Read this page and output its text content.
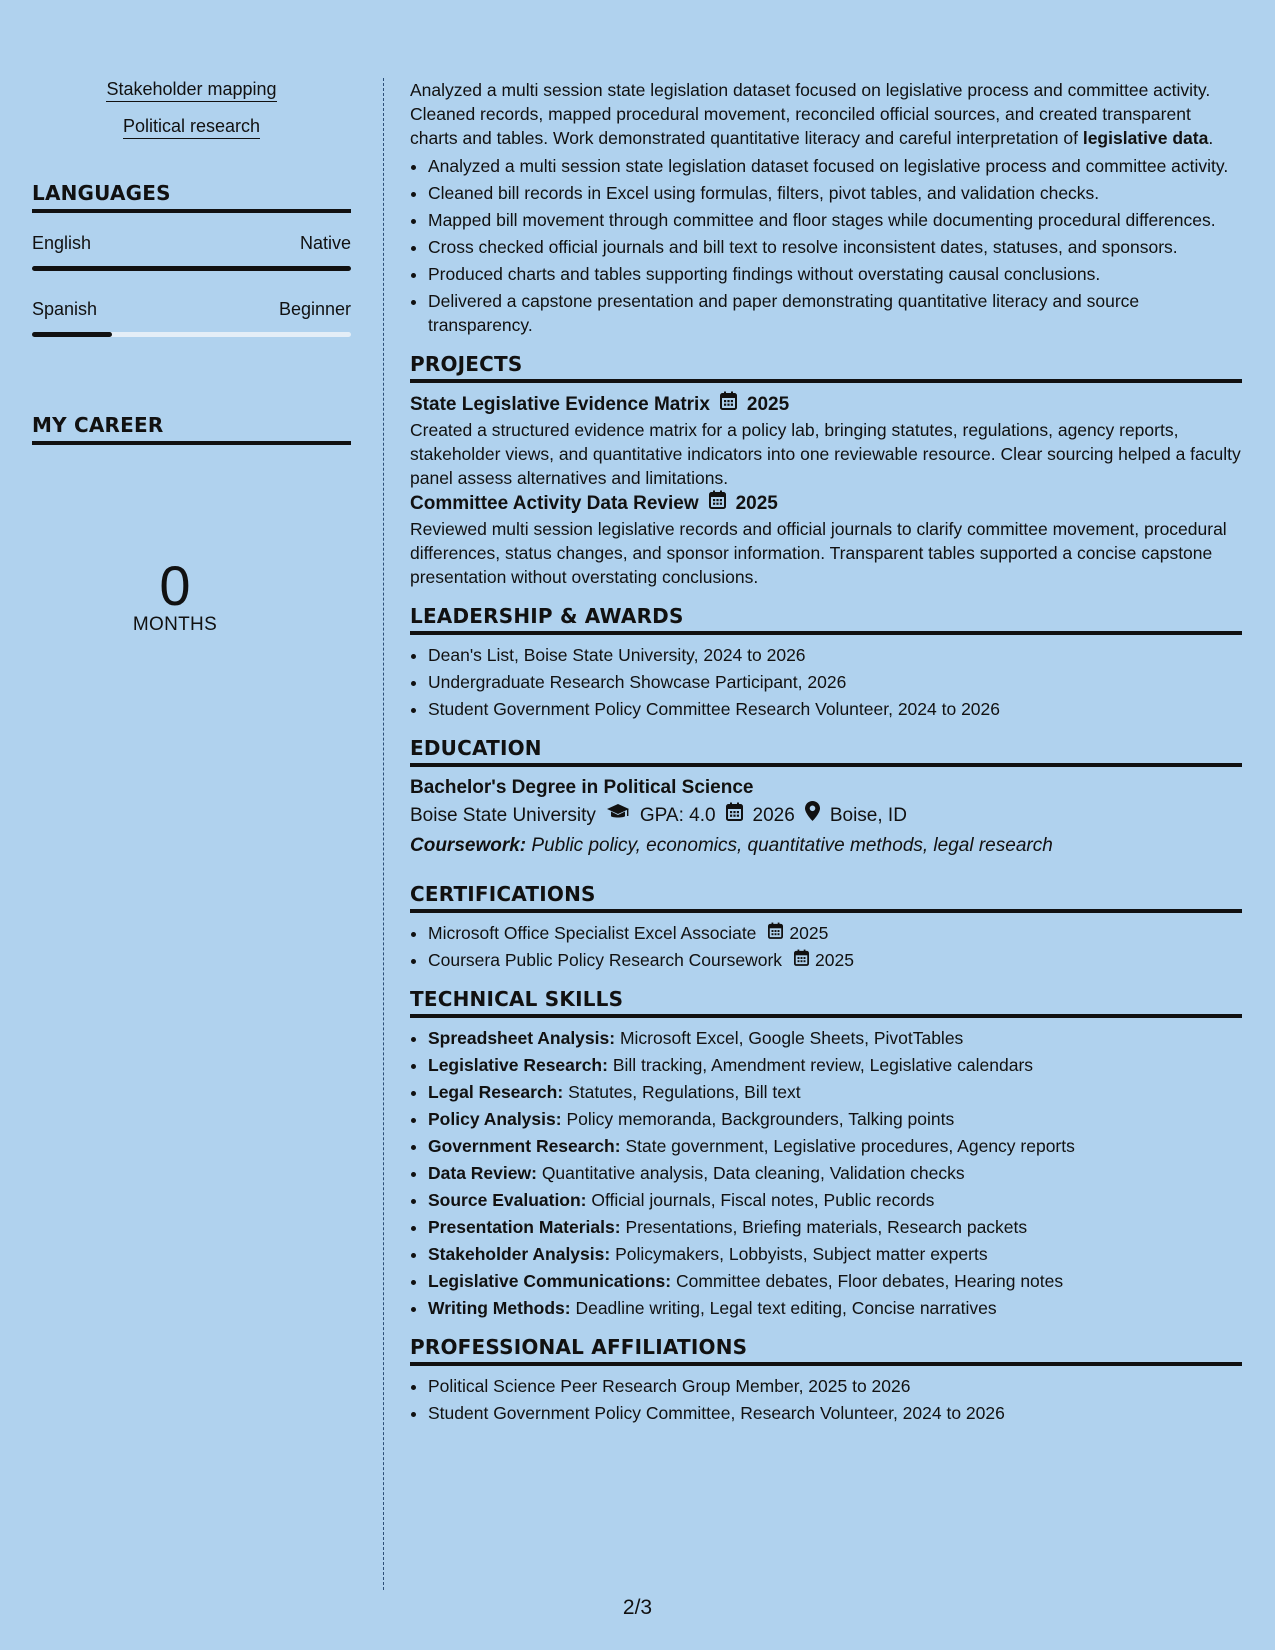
Stakeholder mapping
Political research
LANGUAGES
English	Native
Spanish	Beginner
MY CAREER
0
MONTHS

Analyzed a multi session state legislation dataset focused on legislative process and committee activity. Cleaned records, mapped procedural movement, reconciled official sources, and created transparent charts and tables. Work demonstrated quantitative literacy and careful interpretation of legislative data.

• Analyzed a multi session state legislation dataset focused on legislative process and committee activity.
• Cleaned bill records in Excel using formulas, filters, pivot tables, and validation checks.
• Mapped bill movement through committee and floor stages while documenting procedural differences.
• Cross checked official journals and bill text to resolve inconsistent dates, statuses, and sponsors.
• Produced charts and tables supporting findings without overstating causal conclusions.
• Delivered a capstone presentation and paper demonstrating quantitative literacy and source transparency.
PROJECTS
State Legislative Evidence Matrix 2025

Created a structured evidence matrix for a policy lab, bringing statutes, regulations, agency reports, stakeholder views, and quantitative indicators into one reviewable resource. Clear sourcing helped a faculty panel assess alternatives and limitations.

Committee Activity Data Review 2025

Reviewed multi session legislative records and official journals to clarify committee movement, procedural differences, status changes, and sponsor information. Transparent tables supported a concise capstone presentation without overstating conclusions.

LEADERSHIP & AWARDS
• Dean's List, Boise State University, 2024 to 2026
• Undergraduate Research Showcase Participant, 2026
• Student Government Policy Committee Research Volunteer, 2024 to 2026
EDUCATION
Bachelor's Degree in Political Science
Boise State University GPA: 4.0 2026 Boise, ID
Coursework: Public policy, economics, quantitative methods, legal research
CERTIFICATIONS
• Microsoft Office Specialist Excel Associate 2025
• Coursera Public Policy Research Coursework 2025
TECHNICAL SKILLS
• Spreadsheet Analysis: Microsoft Excel, Google Sheets, PivotTables
• Legislative Research: Bill tracking, Amendment review, Legislative calendars
• Legal Research: Statutes, Regulations, Bill text
• Policy Analysis: Policy memoranda, Backgrounders, Talking points
• Government Research: State government, Legislative procedures, Agency reports
• Data Review: Quantitative analysis, Data cleaning, Validation checks
• Source Evaluation: Official journals, Fiscal notes, Public records
• Presentation Materials: Presentations, Briefing materials, Research packets
• Stakeholder Analysis: Policymakers, Lobbyists, Subject matter experts
• Legislative Communications: Committee debates, Floor debates, Hearing notes
• Writing Methods: Deadline writing, Legal text editing, Concise narratives
PROFESSIONAL AFFILIATIONS
• Political Science Peer Research Group Member, 2025 to 2026
• Student Government Policy Committee, Research Volunteer, 2024 to 2026
2/3
